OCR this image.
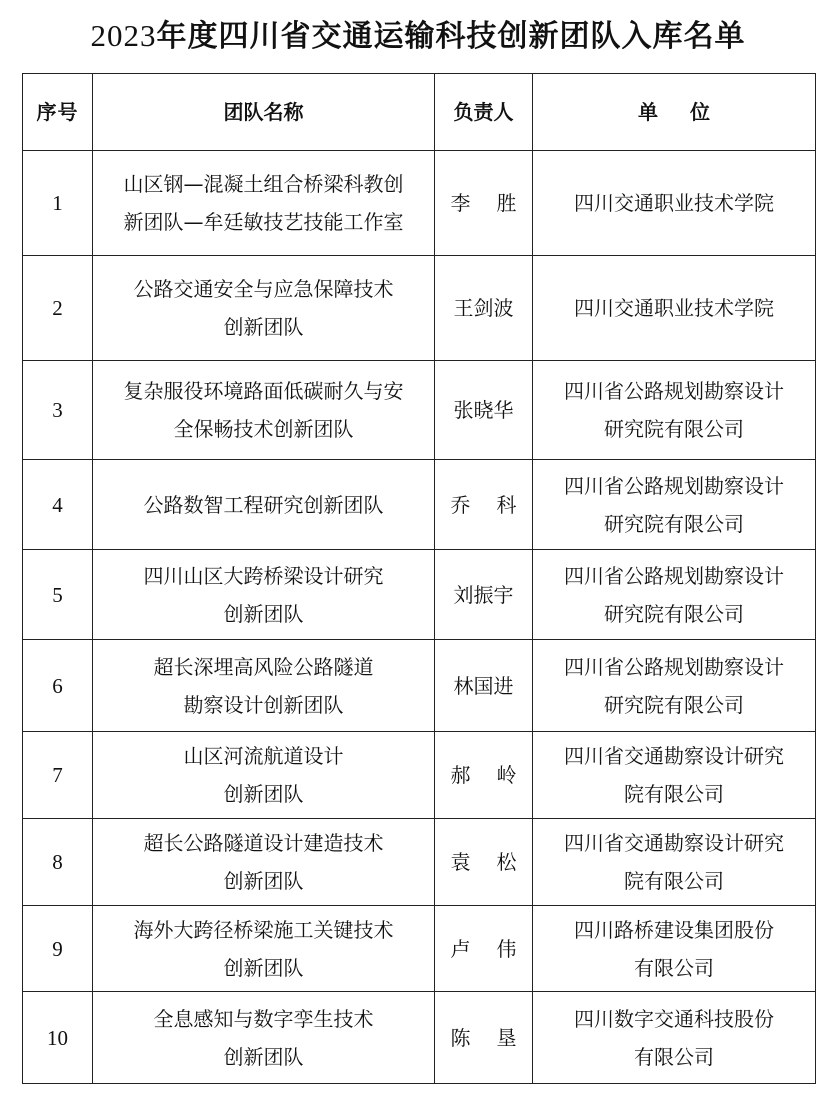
2023年度四川省交通运输科技创新团队入库名单
序号	团队名称	负责人	单位
1	山区钢—混凝土组合桥梁科教创
新团队—牟廷敏技艺技能工作室	李胜	四川交通职业技术学院
2	公路交通安全与应急保障技术
创新团队	王剑波	四川交通职业技术学院
3	复杂服役环境路面低碳耐久与安
全保畅技术创新团队	张晓华	四川省公路规划勘察设计
研究院有限公司
4	公路数智工程研究创新团队	乔科	四川省公路规划勘察设计
研究院有限公司
5	四川山区大跨桥梁设计研究
创新团队	刘振宇	四川省公路规划勘察设计
研究院有限公司
6	超长深埋高风险公路隧道
勘察设计创新团队	林国进	四川省公路规划勘察设计
研究院有限公司
7	山区河流航道设计
创新团队	郝岭	四川省交通勘察设计研究
院有限公司
8	超长公路隧道设计建造技术
创新团队	袁松	四川省交通勘察设计研究
院有限公司
9	海外大跨径桥梁施工关键技术
创新团队	卢伟	四川路桥建设集团股份
有限公司
10	全息感知与数字孪生技术
创新团队	陈垦	四川数字交通科技股份
有限公司
